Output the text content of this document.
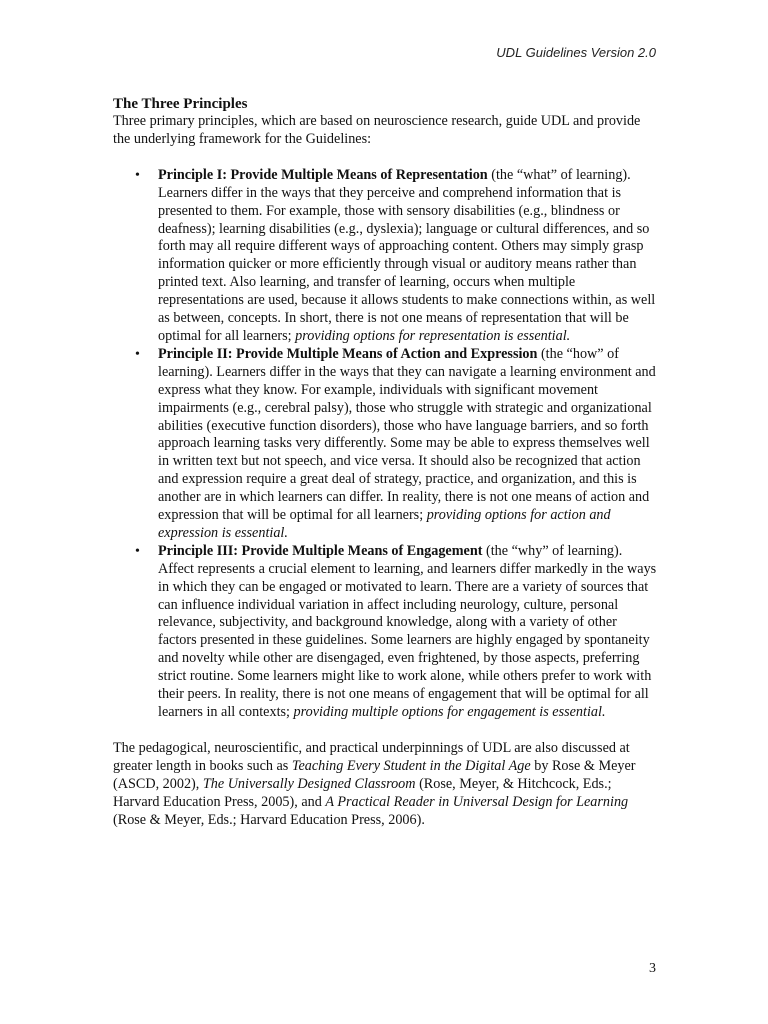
UDL Guidelines Version 2.0
The Three Principles

Three primary principles, which are based on neuroscience research, guide UDL and provide the underlying framework for the Guidelines:

• Principle I: Provide Multiple Means of Representation (the “what” of learning). Learners differ in the ways that they perceive and comprehend information that is presented to them. For example, those with sensory disabilities (e.g., blindness or deafness); learning disabilities (e.g., dyslexia); language or cultural differences, and so forth may all require different ways of approaching content. Others may simply grasp information quicker or more efficiently through visual or auditory means rather than printed text. Also learning, and transfer of learning, occurs when multiple representations are used, because it allows students to make connections within, as well as between, concepts. In short, there is not one means of representation that will be optimal for all learners; providing options for representation is essential.
• Principle II: Provide Multiple Means of Action and Expression (the “how” of learning). Learners differ in the ways that they can navigate a learning environment and express what they know. For example, individuals with significant movement impairments (e.g., cerebral palsy), those who struggle with strategic and organizational abilities (executive function disorders), those who have language barriers, and so forth approach learning tasks very differently. Some may be able to express themselves well in written text but not speech, and vice versa. It should also be recognized that action and expression require a great deal of strategy, practice, and organization, and this is another are in which learners can differ. In reality, there is not one means of action and expression that will be optimal for all learners; providing options for action and expression is essential.
• Principle III: Provide Multiple Means of Engagement (the “why” of learning). Affect represents a crucial element to learning, and learners differ markedly in the ways in which they can be engaged or motivated to learn. There are a variety of sources that can influence individual variation in affect including neurology, culture, personal relevance, subjectivity, and background knowledge, along with a variety of other factors presented in these guidelines. Some learners are highly engaged by spontaneity and novelty while other are disengaged, even frightened, by those aspects, preferring strict routine. Some learners might like to work alone, while others prefer to work with their peers. In reality, there is not one means of engagement that will be optimal for all learners in all contexts; providing multiple options for engagement is essential.

The pedagogical, neuroscientific, and practical underpinnings of UDL are also discussed at greater length in books such as Teaching Every Student in the Digital Age by Rose & Meyer (ASCD, 2002), The Universally Designed Classroom (Rose, Meyer, & Hitchcock, Eds.; Harvard Education Press, 2005), and A Practical Reader in Universal Design for Learning (Rose & Meyer, Eds.; Harvard Education Press, 2006).

3
